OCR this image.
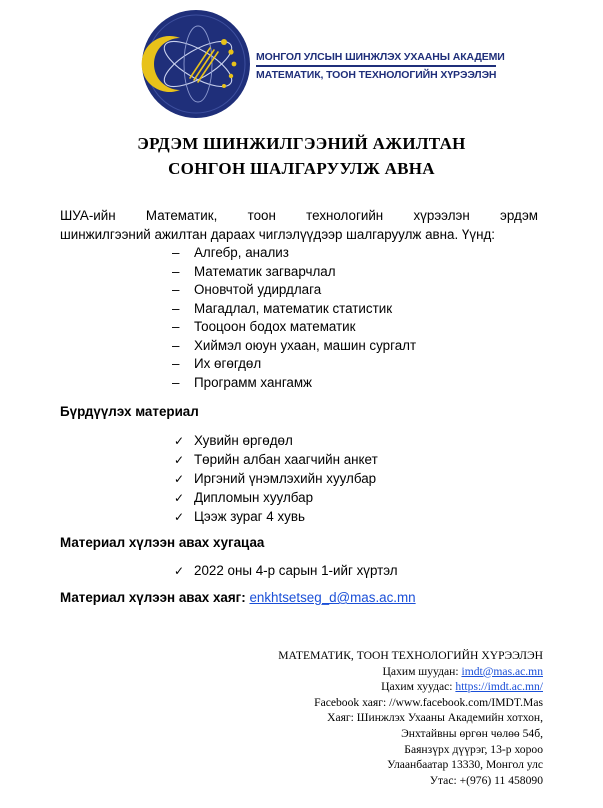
МОНГОЛ УЛСЫН ШИНЖЛЭХ УХААНЫ АКАДЕМИ
МАТЕМАТИК, ТООН ТЕХНОЛОГИЙН ХҮРЭЭЛЭН
ЭРДЭМ ШИНЖИЛГЭЭНИЙ АЖИЛТАН
СОНГОН ШАЛГАРУУЛЖ АВНА
ШУА-ийн Математик, тоон технологийн хүрээлэн эрдэм
шинжилгээний ажилтан дараах чиглэлүүдээр шалгаруулж авна. Үүнд:
– Алгебр, анализ
– Математик загварчлал
– Оновчтой удирдлага
– Магадлал, математик статистик
– Тооцоон бодох математик
– Хиймэл оюун ухаан, машин сургалт
– Их өгөгдөл
– Программ хангамж
Бүрдүүлэх материал
✓ Хувийн өргөдөл
✓ Төрийн албан хаагчийн анкет
✓ Иргэний үнэмлэхийн хуулбар
✓ Дипломын хуулбар
✓ Цээж зураг 4 хувь
Материал хүлээн авах хугацаа
✓ 2022 оны 4-р сарын 1-ийг хүртэл
Материал хүлээн авах хаяг: enkhtsetseg_d@mas.ac.mn
МАТЕМАТИК, ТООН ТЕХНОЛОГИЙН ХҮРЭЭЛЭН
Цахим шуудан: imdt@mas.ac.mn
Цахим хуудас: https://imdt.ac.mn/
Facebook хаяг: //www.facebook.com/IMDT.Mas
Хаяг: Шинжлэх Ухааны Академийн хотхон,
Энхтайвны өргөн чөлөө 54б,
Баянзүрх дүүрэг, 13-р хороо
Улаанбаатар 13330, Монгол улс
Утас: +(976) 11 458090
